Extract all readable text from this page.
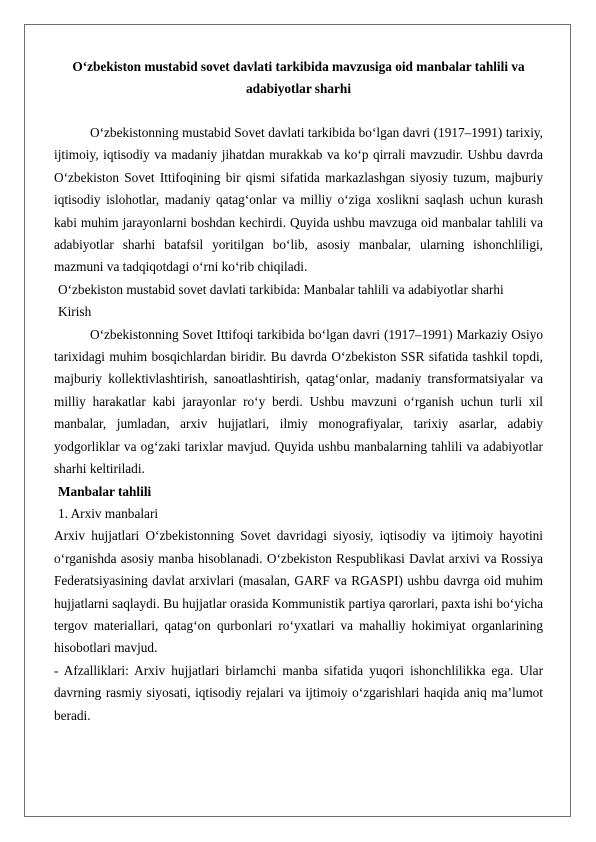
O‘zbekiston mustabid sovet davlati tarkibida mavzusiga oid manbalar tahlili va adabiyotlar sharhi

O‘zbekistonning mustabid Sovet davlati tarkibida bo‘lgan davri (1917–1991) tarixiy, ijtimoiy, iqtisodiy va madaniy jihatdan murakkab va ko‘p qirrali mavzudir. Ushbu davrda O‘zbekiston Sovet Ittifoqining bir qismi sifatida markazlashgan siyosiy tuzum, majburiy iqtisodiy islohotlar, madaniy qatag‘onlar va milliy o‘ziga xoslikni saqlash uchun kurash kabi muhim jarayonlarni boshdan kechirdi. Quyida ushbu mavzuga oid manbalar tahlili va adabiyotlar sharhi batafsil yoritilgan bo‘lib, asosiy manbalar, ularning ishonchliligi, mazmuni va tadqiqotdagi o‘rni ko‘rib chiqiladi.

O‘zbekiston mustabid sovet davlati tarkibida: Manbalar tahlili va adabiyotlar sharhi

Kirish

O‘zbekistonning Sovet Ittifoqi tarkibida bo‘lgan davri (1917–1991) Markaziy Osiyo tarixidagi muhim bosqichlardan biridir. Bu davrda O‘zbekiston SSR sifatida tashkil topdi, majburiy kollektivlashtirish, sanoatlashtirish, qatag‘onlar, madaniy transformatsiyalar va milliy harakatlar kabi jarayonlar ro‘y berdi. Ushbu mavzuni o‘rganish uchun turli xil manbalar, jumladan, arxiv hujjatlari, ilmiy monografiyalar, tarixiy asarlar, adabiy yodgorliklar va og‘zaki tarixlar mavjud. Quyida ushbu manbalarning tahlili va adabiyotlar sharhi keltiriladi.

Manbalar tahlili

1. Arxiv manbalari

Arxiv hujjatlari O‘zbekistonning Sovet davridagi siyosiy, iqtisodiy va ijtimoiy hayotini o‘rganishda asosiy manba hisoblanadi. O‘zbekiston Respublikasi Davlat arxivi va Rossiya Federatsiyasining davlat arxivlari (masalan, GARF va RGASPI) ushbu davrga oid muhim hujjatlarni saqlaydi. Bu hujjatlar orasida Kommunistik partiya qarorlari, paxta ishi bo‘yicha tergov materiallari, qatag‘on qurbonlari ro‘yxatlari va mahalliy hokimiyat organlarining hisobotlari mavjud.

- Afzalliklari: Arxiv hujjatlari birlamchi manba sifatida yuqori ishonchlilikka ega. Ular davrning rasmiy siyosati, iqtisodiy rejalari va ijtimoiy o‘zgarishlari haqida aniq ma’lumot beradi.
